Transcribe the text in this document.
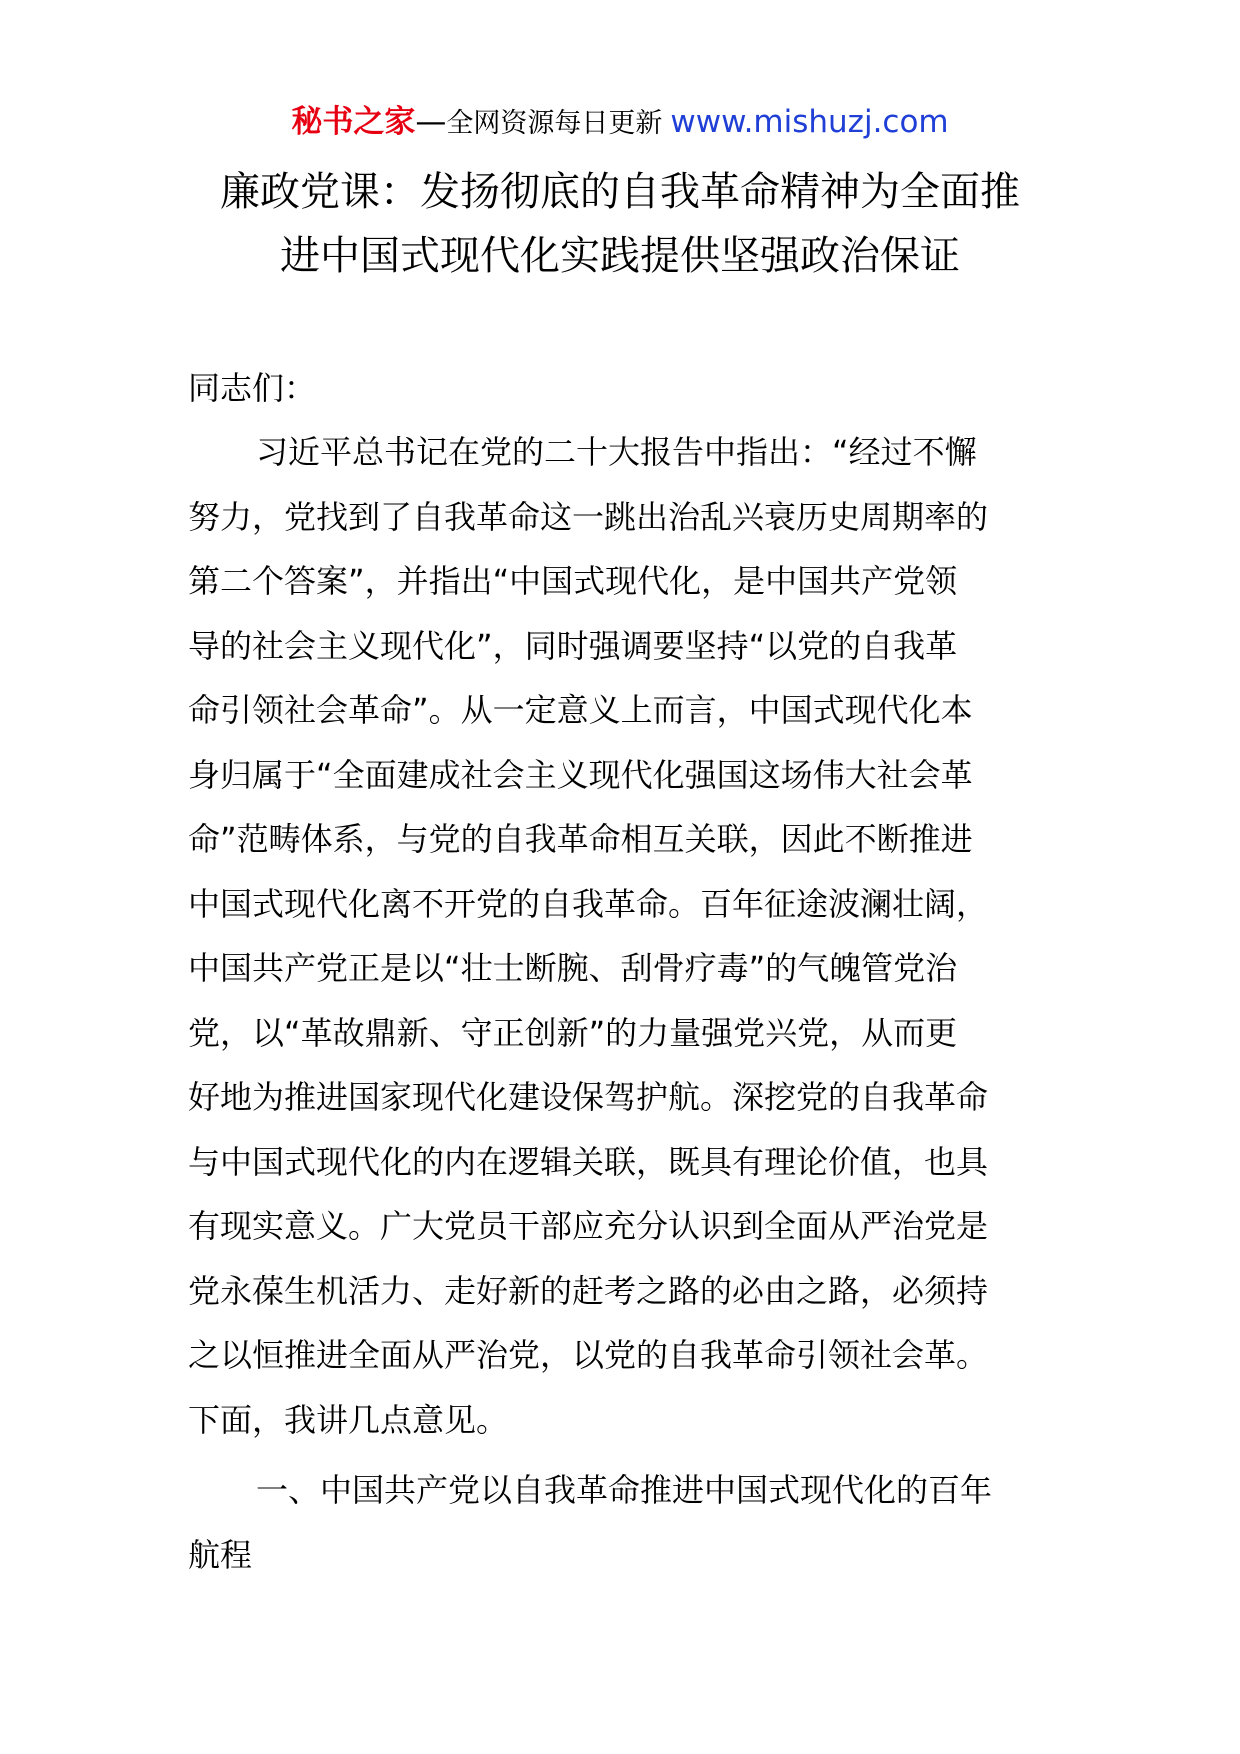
秘书之家—全网资源每日更新 www.mishuzj.com
廉政党课：发扬彻底的自我革命精神为全面推
进中国式现代化实践提供坚强政治保证

同志们：

习近平总书记在党的二十大报告中指出：“经过不懈
努力，党找到了自我革命这一跳出治乱兴衰历史周期率的
第二个答案”，并指出“中国式现代化，是中国共产党领
导的社会主义现代化”，同时强调要坚持“以党的自我革
命引领社会革命”。从一定意义上而言，中国式现代化本
身归属于“全面建成社会主义现代化强国这场伟大社会革
命”范畴体系，与党的自我革命相互关联，因此不断推进
中国式现代化离不开党的自我革命。百年征途波澜壮阔，
中国共产党正是以“壮士断腕、刮骨疗毒”的气魄管党治
党，以“革故鼎新、守正创新”的力量强党兴党，从而更
好地为推进国家现代化建设保驾护航。深挖党的自我革命
与中国式现代化的内在逻辑关联，既具有理论价值，也具
有现实意义。广大党员干部应充分认识到全面从严治党是
党永葆生机活力、走好新的赶考之路的必由之路，必须持
之以恒推进全面从严治党，以党的自我革命引领社会革。
下面，我讲几点意见。
一、中国共产党以自我革命推进中国式现代化的百年
航程
